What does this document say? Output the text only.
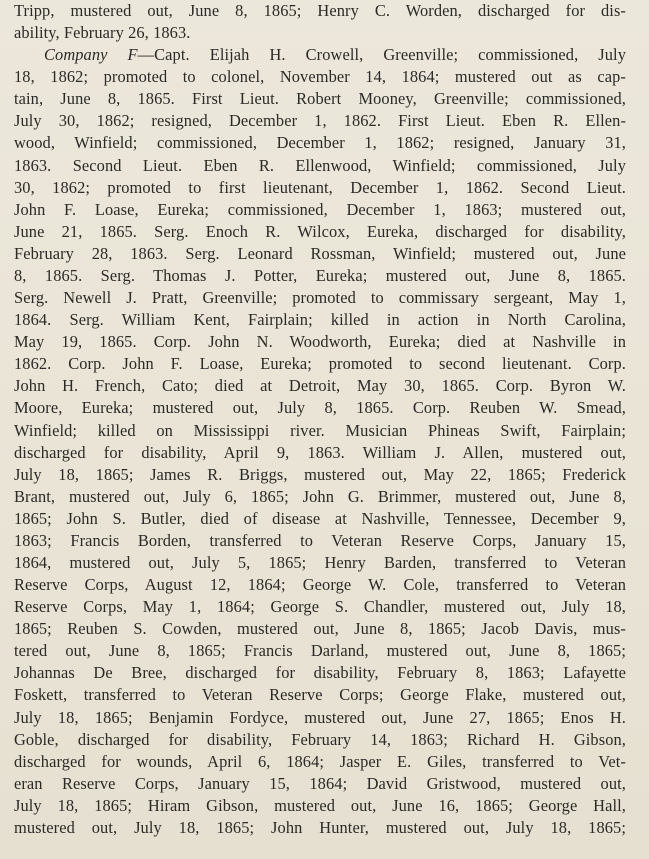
Tripp, mustered out, June 8, 1865; Henry C. Worden, discharged for dis-

ability, February 26, 1863.

Company F—Capt. Elijah H. Crowell, Greenville; commissioned, July

18, 1862; promoted to colonel, November 14, 1864; mustered out as cap-

tain, June 8, 1865. First Lieut. Robert Mooney, Greenville; commissioned,

July 30, 1862; resigned, December 1, 1862. First Lieut. Eben R. Ellen-

wood, Winfield; commissioned, December 1, 1862; resigned, January 31,

1863. Second Lieut. Eben R. Ellenwood, Winfield; commissioned, July

30, 1862; promoted to first lieutenant, December 1, 1862. Second Lieut.

John F. Loase, Eureka; commissioned, December 1, 1863; mustered out,

June 21, 1865. Serg. Enoch R. Wilcox, Eureka, discharged for disability,

February 28, 1863. Serg. Leonard Rossman, Winfield; mustered out, June

8, 1865. Serg. Thomas J. Potter, Eureka; mustered out, June 8, 1865.

Serg. Newell J. Pratt, Greenville; promoted to commissary sergeant, May 1,

1864. Serg. William Kent, Fairplain; killed in action in North Carolina,

May 19, 1865. Corp. John N. Woodworth, Eureka; died at Nashville in

1862. Corp. John F. Loase, Eureka; promoted to second lieutenant. Corp.

John H. French, Cato; died at Detroit, May 30, 1865. Corp. Byron W.

Moore, Eureka; mustered out, July 8, 1865. Corp. Reuben W. Smead,

Winfield; killed on Mississippi river. Musician Phineas Swift, Fairplain;

discharged for disability, April 9, 1863. William J. Allen, mustered out,

July 18, 1865; James R. Briggs, mustered out, May 22, 1865; Frederick

Brant, mustered out, July 6, 1865; John G. Brimmer, mustered out, June 8,

1865; John S. Butler, died of disease at Nashville, Tennessee, December 9,

1863; Francis Borden, transferred to Veteran Reserve Corps, January 15,

1864, mustered out, July 5, 1865; Henry Barden, transferred to Veteran

Reserve Corps, August 12, 1864; George W. Cole, transferred to Veteran

Reserve Corps, May 1, 1864; George S. Chandler, mustered out, July 18,

1865; Reuben S. Cowden, mustered out, June 8, 1865; Jacob Davis, mus-

tered out, June 8, 1865; Francis Darland, mustered out, June 8, 1865;

Johannas De Bree, discharged for disability, February 8, 1863; Lafayette

Foskett, transferred to Veteran Reserve Corps; George Flake, mustered out,

July 18, 1865; Benjamin Fordyce, mustered out, June 27, 1865; Enos H.

Goble, discharged for disability, February 14, 1863; Richard H. Gibson,

discharged for wounds, April 6, 1864; Jasper E. Giles, transferred to Vet-

eran Reserve Corps, January 15, 1864; David Gristwood, mustered out,

July 18, 1865; Hiram Gibson, mustered out, June 16, 1865; George Hall,

mustered out, July 18, 1865; John Hunter, mustered out, July 18, 1865;
